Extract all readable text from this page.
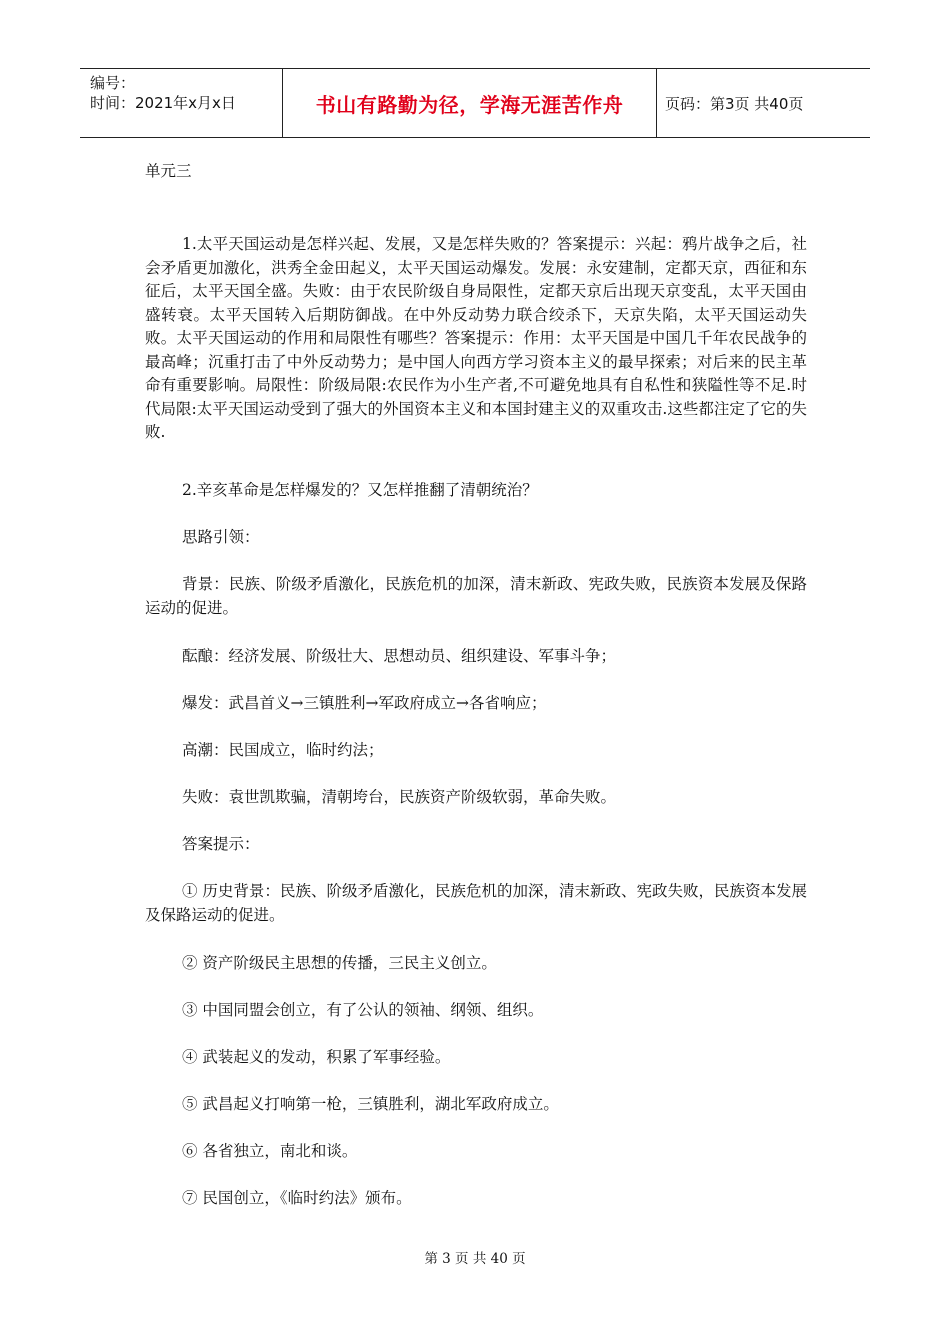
编号：
时间：2021年x月x日	书山有路勤为径，学海无涯苦作舟	页码：第3页 共40页

单元三

1.太平天国运动是怎样兴起、发展，又是怎样失败的？答案提示：兴起：鸦片战争之后，社会矛盾更加激化，洪秀全金田起义，太平天国运动爆发。发展：永安建制，定都天京，西征和东征后，太平天国全盛。失败：由于农民阶级自身局限性，定都天京后出现天京变乱，太平天国由盛转衰。太平天国转入后期防御战。在中外反动势力联合绞杀下，天京失陷，太平天国运动失败。太平天国运动的作用和局限性有哪些？答案提示：作用：太平天国是中国几千年农民战争的最高峰；沉重打击了中外反动势力；是中国人向西方学习资本主义的最早探索；对后来的民主革命有重要影响。局限性：阶级局限:农民作为小生产者,不可避免地具有自私性和狭隘性等不足.时代局限:太平天国运动受到了强大的外国资本主义和本国封建主义的双重攻击.这些都注定了它的失败.

2.辛亥革命是怎样爆发的？又怎样推翻了清朝统治？

思路引领：

背景：民族、阶级矛盾激化，民族危机的加深，清末新政、宪政失败，民族资本发展及保路运动的促进。

酝酿：经济发展、阶级壮大、思想动员、组织建设、军事斗争；

爆发：武昌首义→三镇胜利→军政府成立→各省响应；

高潮：民国成立，临时约法；

失败：袁世凯欺骗，清朝垮台，民族资产阶级软弱，革命失败。

答案提示：

① 历史背景：民族、阶级矛盾激化，民族危机的加深，清末新政、宪政失败，民族资本发展及保路运动的促进。

② 资产阶级民主思想的传播，三民主义创立。

③ 中国同盟会创立，有了公认的领袖、纲领、组织。

④ 武装起义的发动，积累了军事经验。

⑤ 武昌起义打响第一枪，三镇胜利，湖北军政府成立。

⑥ 各省独立，南北和谈。

⑦ 民国创立，《临时约法》颁布。

第 3 页 共 40 页
